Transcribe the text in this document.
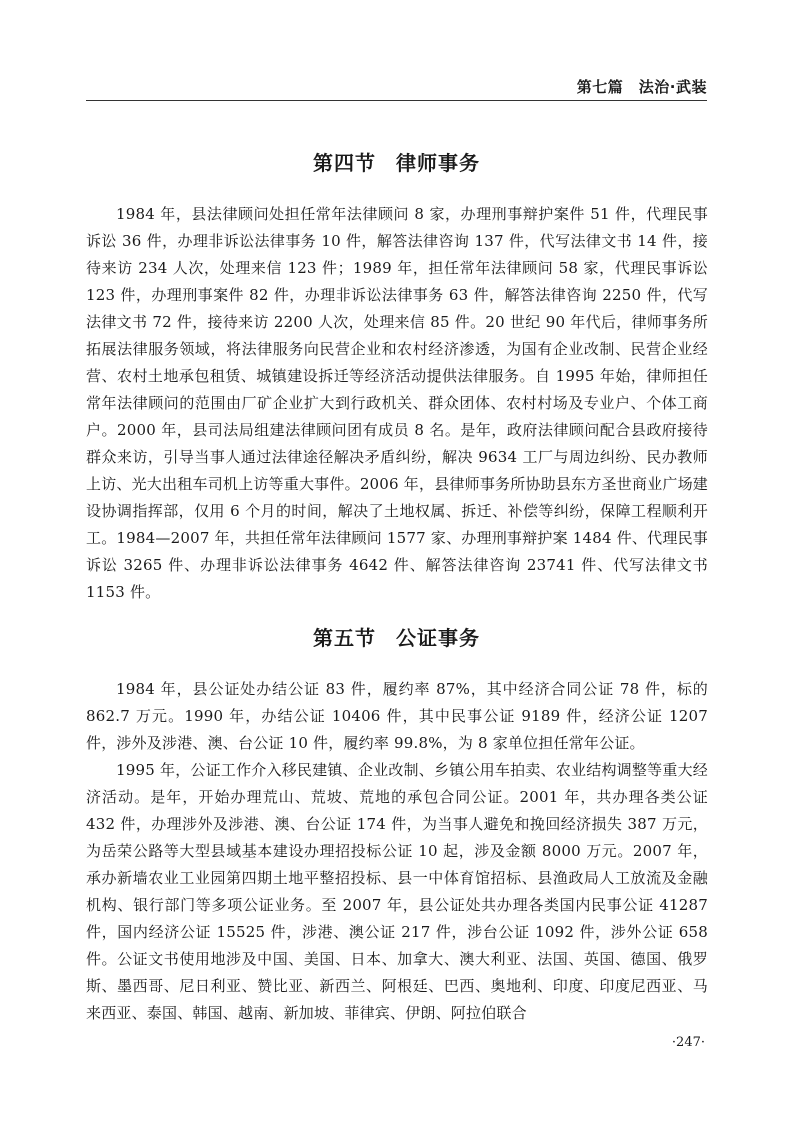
第七篇　法治·武装
第四节 律师事务

1984 年，县法律顾问处担任常年法律顾问 8 家，办理刑事辩护案件 51 件，代理民事诉讼 36 件，办理非诉讼法律事务 10 件，解答法律咨询 137 件，代写法律文书 14 件，接待来访 234 人次，处理来信 123 件；1989 年，担任常年法律顾问 58 家，代理民事诉讼 123 件，办理刑事案件 82 件，办理非诉讼法律事务 63 件，解答法律咨询 2250 件，代写法律文书 72 件，接待来访 2200 人次，处理来信 85 件。20 世纪 90 年代后，律师事务所拓展法律服务领域，将法律服务向民营企业和农村经济渗透，为国有企业改制、民营企业经营、农村土地承包租赁、城镇建设拆迁等经济活动提供法律服务。自 1995 年始，律师担任常年法律顾问的范围由厂矿企业扩大到行政机关、群众团体、农村村场及专业户、个体工商户。2000 年，县司法局组建法律顾问团有成员 8 名。是年，政府法律顾问配合县政府接待群众来访，引导当事人通过法律途径解决矛盾纠纷，解决 9634 工厂与周边纠纷、民办教师上访、光大出租车司机上访等重大事件。2006 年，县律师事务所协助县东方圣世商业广场建设协调指挥部，仅用 6 个月的时间，解决了土地权属、拆迁、补偿等纠纷，保障工程顺利开工。1984—2007 年，共担任常年法律顾问 1577 家、办理刑事辩护案 1484 件、代理民事诉讼 3265 件、办理非诉讼法律事务 4642 件、解答法律咨询 23741 件、代写法律文书 1153 件。

第五节 公证事务

1984 年，县公证处办结公证 83 件，履约率 87%，其中经济合同公证 78 件，标的 862.7 万元。1990 年，办结公证 10406 件，其中民事公证 9189 件，经济公证 1207 件，涉外及涉港、澳、台公证 10 件，履约率 99.8%，为 8 家单位担任常年公证。

1995 年，公证工作介入移民建镇、企业改制、乡镇公用车拍卖、农业结构调整等重大经济活动。是年，开始办理荒山、荒坡、荒地的承包合同公证。2001 年，共办理各类公证 432 件，办理涉外及涉港、澳、台公证 174 件，为当事人避免和挽回经济损失 387 万元，为岳荣公路等大型县域基本建设办理招投标公证 10 起，涉及金额 8000 万元。2007 年，承办新墙农业工业园第四期土地平整招投标、县一中体育馆招标、县渔政局人工放流及金融机构、银行部门等多项公证业务。至 2007 年，县公证处共办理各类国内民事公证 41287 件，国内经济公证 15525 件，涉港、澳公证 217 件，涉台公证 1092 件，涉外公证 658 件。公证文书使用地涉及中国、美国、日本、加拿大、澳大利亚、法国、英国、德国、俄罗斯、墨西哥、尼日利亚、赞比亚、新西兰、阿根廷、巴西、奥地利、印度、印度尼西亚、马来西亚、泰国、韩国、越南、新加坡、菲律宾、伊朗、阿拉伯联合

·247·
